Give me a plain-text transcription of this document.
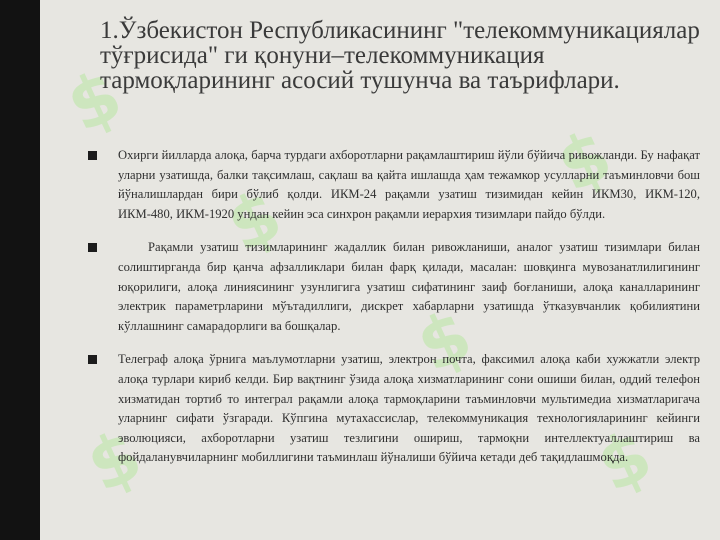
$
$
$
$
$
$
1.Ўзбекистон Республикасининг "телекоммуникациялар тўғрисида" ги қонуни–телекоммуникация тармоқларининг асосий тушунча ва таърифлари.
Охирги йилларда алоқа, барча турдаги ахборотларни рақамлаштириш йўли бўйича ривожланди. Бу нафақат уларни узатишда, балки тақсимлаш, сақлаш ва қайта ишлашда ҳам тежамкор усулларни таъминловчи бош йўналишлардан бири бўлиб қолди. ИКМ-24 рақамли узатиш тизимидан кейин ИКМ30, ИКМ-120, ИКМ-480, ИКМ-1920 ундан кейин эса синхрон рақамли иерархия тизимлари пайдо бўлди.
Рақамли узатиш тизимларининг жадаллик билан ривожланиши, аналог узатиш тизимлари билан солиштирганда бир қанча афзалликлари билан фарқ қилади, масалан: шовқинга мувозанатлилигининг юқорилиги, алоқа линиясининг узунлигига узатиш сифатининг заиф боғланиши, алоқа каналларининг электрик параметрларини мўътадиллиги, дискрет хабарларни узатишда ўтказувчанлик қобилиятини кўллашнинг самарадорлиги ва бошқалар.
Телеграф алоқа ўрнига маълумотларни узатиш, электрон почта, факсимил алоқа каби хужжатли электр алоқа турлари кириб келди. Бир вақтнинг ўзида алоқа хизматларининг сони ошиши билан, оддий телефон хизматидан тортиб то интеграл рақамли алоқа тармоқларини таъминловчи мультимедиа хизматларигача уларнинг сифати ўзгаради. Кўпгина мутахассислар, телекоммуникация технологияларининг кейинги эволюцияси, ахборотларни узатиш тезлигини ошириш, тармоқни интеллектуаллаштириш ва фойдаланувчиларнинг мобиллигини таъминлаш йўналиши бўйича кетади деб тақидлашмоқда.
